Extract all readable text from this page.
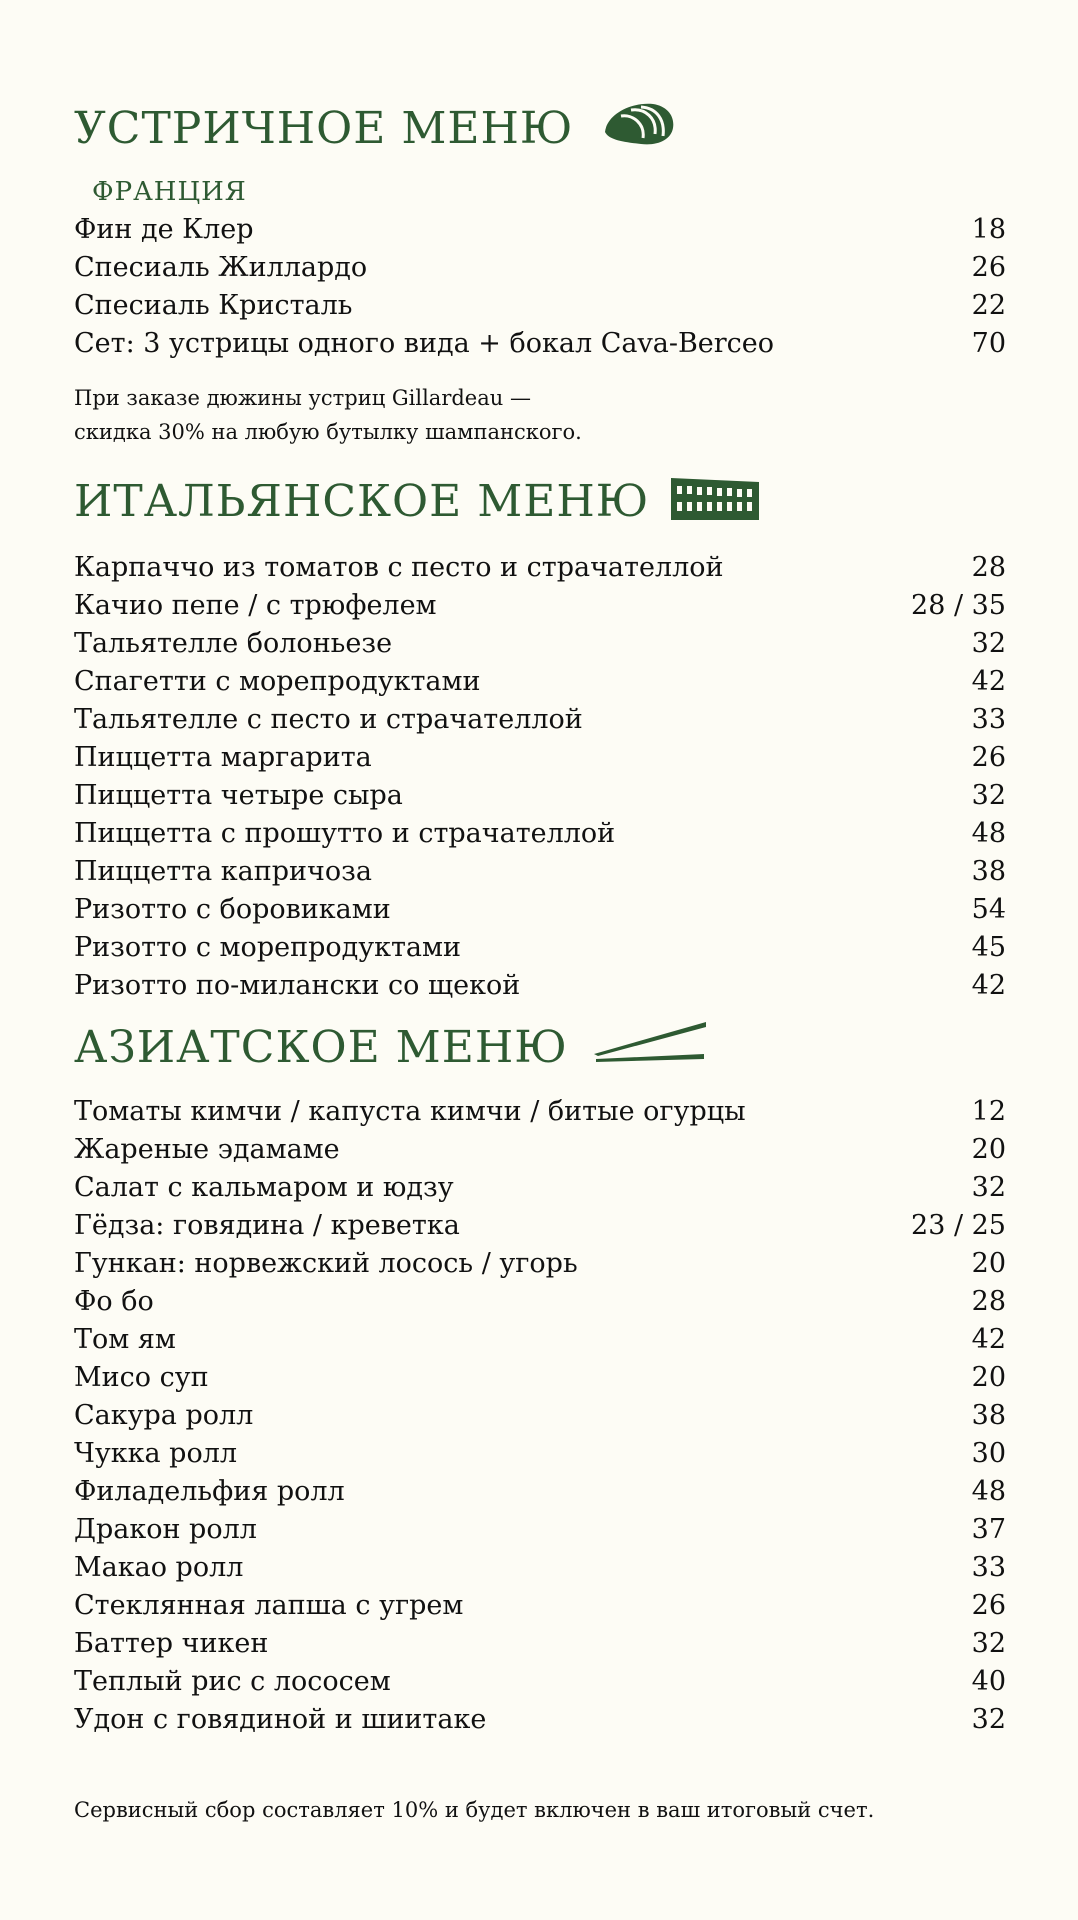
УСТРИЧНОЕ МЕНЮ
ФРАНЦИЯ
Фин де Клер	18
Спесиаль Жиллардо	26
Спесиаль Кристаль	22
Сет: 3 устрицы одного вида + бокал Cava-Berceo	70
При заказе дюжины устриц Gillardeau —
скидка 30% на любую бутылку шампанского.
ИТАЛЬЯНСКОЕ МЕНЮ
Карпаччо из томатов с песто и страчателлой	28
Качио пепе / с трюфелем	28 / 35
Тальятелле болоньезе	32
Спагетти с морепродуктами	42
Тальятелле с песто и страчателлой	33
Пиццетта маргарита	26
Пиццетта четыре сыра	32
Пиццетта с прошутто и страчателлой	48
Пиццетта капричоза	38
Ризотто с боровиками	54
Ризотто с морепродуктами	45
Ризотто по-милански со щекой	42
АЗИАТСКОЕ МЕНЮ
Томаты кимчи / капуста кимчи / битые огурцы	12
Жареные эдамаме	20
Салат с кальмаром и юдзу	32
Гёдза: говядина / креветка	23 / 25
Гункан: норвежский лосось / угорь	20
Фо бо	28
Том ям	42
Мисо суп	20
Сакура ролл	38
Чукка ролл	30
Филадельфия ролл	48
Дракон ролл	37
Макао ролл	33
Стеклянная лапша с угрем	26
Баттер чикен	32
Теплый рис с лососем	40
Удон с говядиной и шиитаке	32
Сервисный сбор составляет 10% и будет включен в ваш итоговый счет.
